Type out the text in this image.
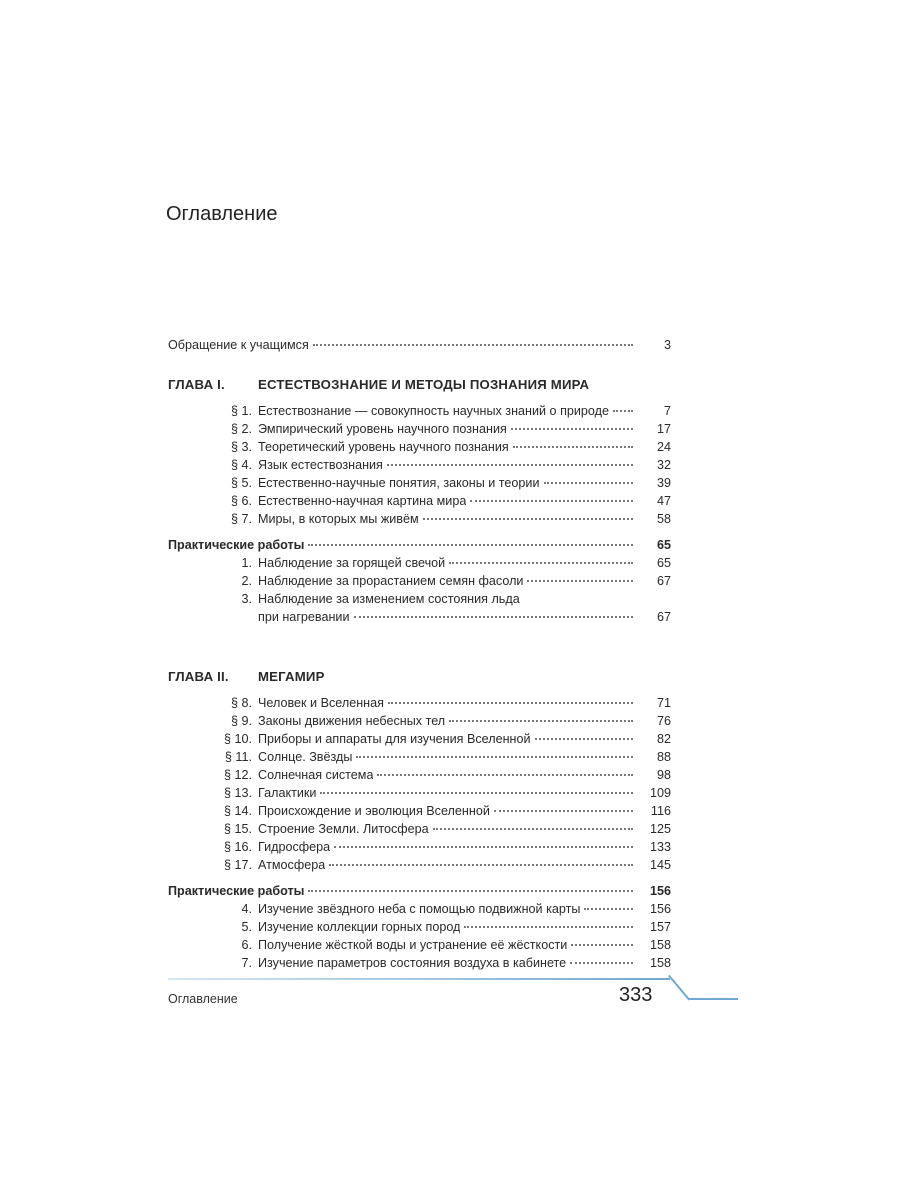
Оглавление
Обращение к учащимся	3
ГЛАВА I.	ЕСТЕСТВОЗНАНИЕ И МЕТОДЫ ПОЗНАНИЯ МИРА
§ 1. Естествознание — совокупность научных знаний о природе	7
§ 2. Эмпирический уровень научного познания	17
§ 3. Теоретический уровень научного познания	24
§ 4. Язык естествознания	32
§ 5. Естественно-научные понятия, законы и теории	39
§ 6. Естественно-научная картина мира	47
§ 7. Миры, в которых мы живём	58
Практические работы	65
1. Наблюдение за горящей свечой	65
2. Наблюдение за прорастанием семян фасоли	67
3. Наблюдение за изменением состояния льда
при нагревании	67
ГЛАВА II.	МЕГАМИР
§ 8. Человек и Вселенная	71
§ 9. Законы движения небесных тел	76
§ 10. Приборы и аппараты для изучения Вселенной	82
§ 11. Солнце. Звёзды	88
§ 12. Солнечная система	98
§ 13. Галактики	109
§ 14. Происхождение и эволюция Вселенной	116
§ 15. Строение Земли. Литосфера	125
§ 16. Гидросфера	133
§ 17. Атмосфера	145
Практические работы	156
4. Изучение звёздного неба с помощью подвижной карты	156
5. Изучение коллекции горных пород	157
6. Получение жёсткой воды и устранение её жёсткости	158
7. Изучение параметров состояния воздуха в кабинете	158
Оглавление	333
